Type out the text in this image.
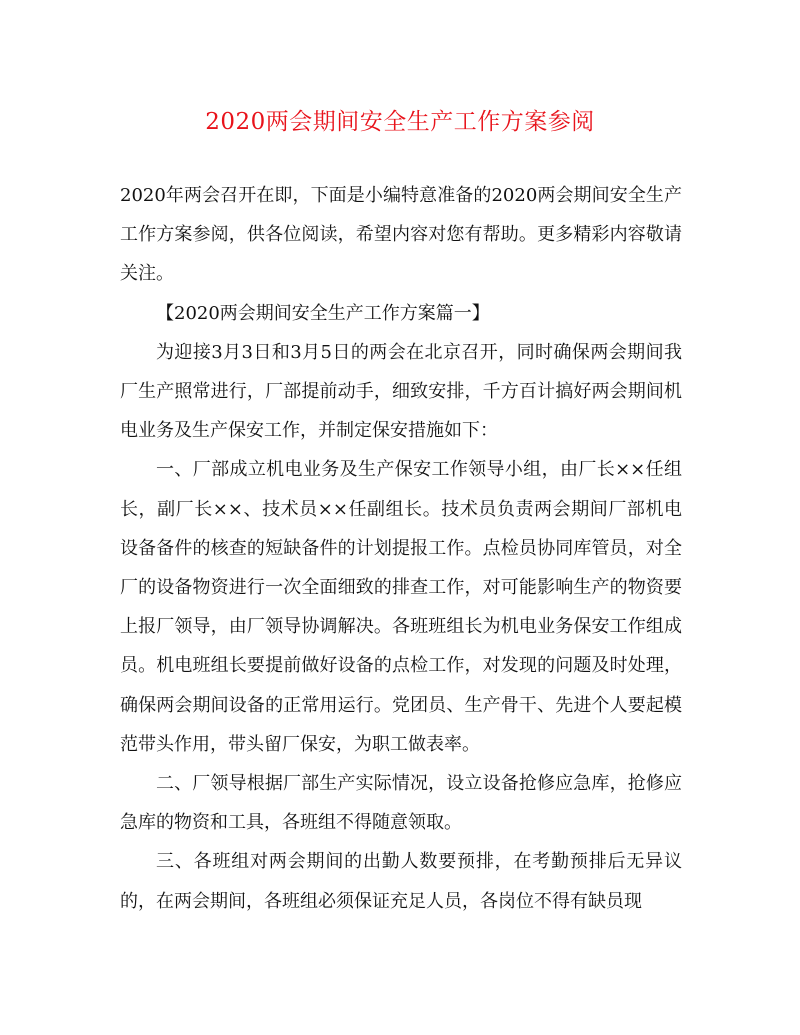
2020两会期间安全生产工作方案参阅

2020年两会召开在即，下面是小编特意准备的2020两会期间安全生产工作方案参阅，供各位阅读，希望内容对您有帮助。更多精彩内容敬请关注。

【2020两会期间安全生产工作方案篇一】

为迎接3月3日和3月5日的两会在北京召开，同时确保两会期间我厂生产照常进行，厂部提前动手，细致安排，千方百计搞好两会期间机电业务及生产保安工作，并制定保安措施如下：

一、厂部成立机电业务及生产保安工作领导小组，由厂长××任组长，副厂长××、技术员××任副组长。技术员负责两会期间厂部机电设备备件的核查的短缺备件的计划提报工作。点检员协同库管员，对全厂的设备物资进行一次全面细致的排查工作，对可能影响生产的物资要上报厂领导，由厂领导协调解决。各班班组长为机电业务保安工作组成员。机电班组长要提前做好设备的点检工作，对发现的问题及时处理，确保两会期间设备的正常用运行。党团员、生产骨干、先进个人要起模范带头作用，带头留厂保安，为职工做表率。

二、厂领导根据厂部生产实际情况，设立设备抢修应急库，抢修应急库的物资和工具，各班组不得随意领取。

三、各班组对两会期间的出勤人数要预排，在考勤预排后无异议的，在两会期间，各班组必须保证充足人员，各岗位不得有缺员现
